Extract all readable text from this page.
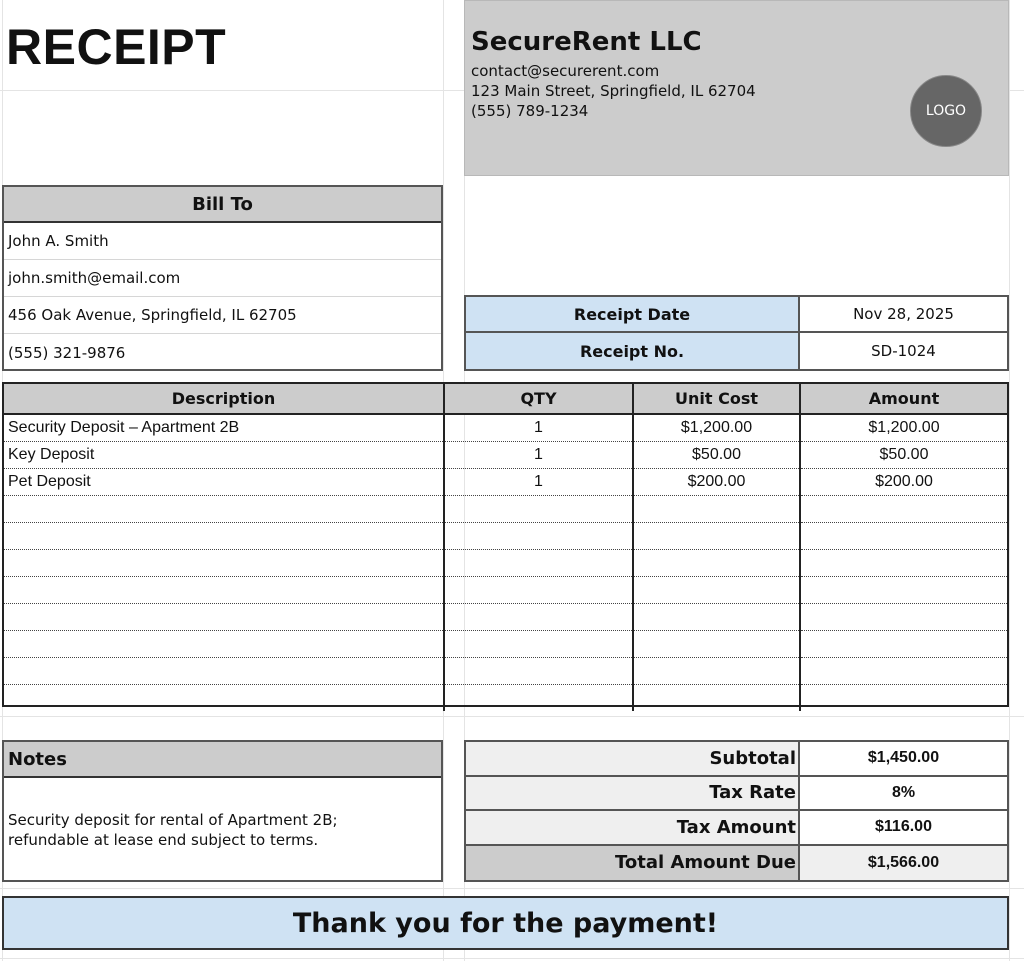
RECEIPT	SecureRent LLC
contact@securerent.com
123 Main Street, Springfield, IL 62704
(555) 789-1234	LOGO
Bill To
John A. Smith
john.smith@email.com
456 Oak Avenue, Springfield, IL 62705
(555) 321-9876
Receipt Date	Nov 28, 2025
Receipt No.	SD-1024
Description	QTY	Unit Cost	Amount
Security Deposit – Apartment 2B	1	$1,200.00	$1,200.00
Key Deposit	1	$50.00	$50.00
Pet Deposit	1	$200.00	$200.00

Notes
Security deposit for rental of Apartment 2B;
refundable at lease end subject to terms.
Subtotal	$1,450.00
Tax Rate	8%
Tax Amount	$116.00
Total Amount Due	$1,566.00
Thank you for the payment!
